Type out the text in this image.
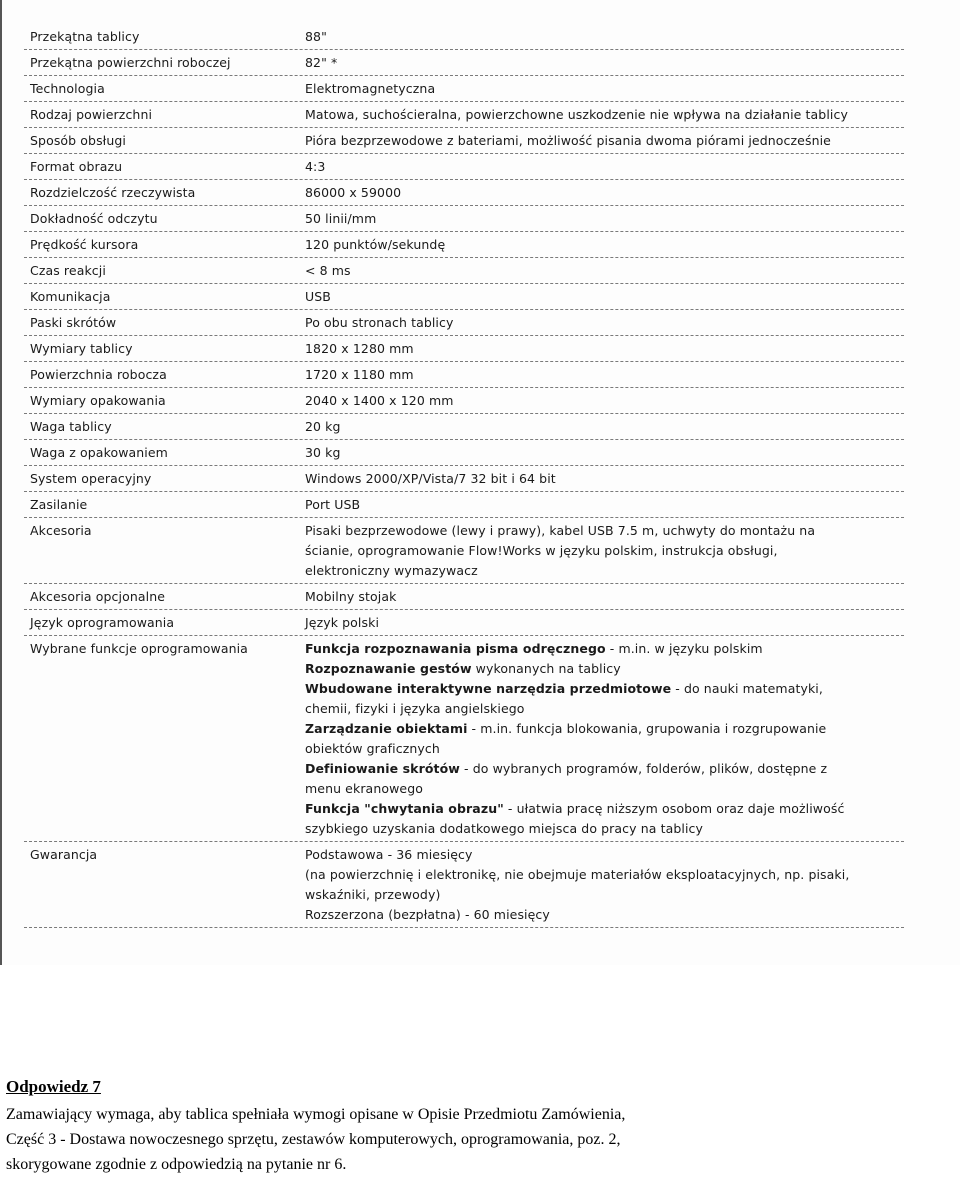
Przekątna tablicy	88"
Przekątna powierzchni roboczej	82" *
Technologia	Elektromagnetyczna
Rodzaj powierzchni	Matowa, suchościeralna, powierzchowne uszkodzenie nie wpływa na działanie tablicy
Sposób obsługi	Pióra bezprzewodowe z bateriami, możliwość pisania dwoma piórami jednocześnie
Format obrazu	4:3
Rozdzielczość rzeczywista	86000 x 59000
Dokładność odczytu	50 linii/mm
Prędkość kursora	120 punktów/sekundę
Czas reakcji	< 8 ms
Komunikacja	USB
Paski skrótów	Po obu stronach tablicy
Wymiary tablicy	1820 x 1280 mm
Powierzchnia robocza	1720 x 1180 mm
Wymiary opakowania	2040 x 1400 x 120 mm
Waga tablicy	20 kg
Waga z opakowaniem	30 kg
System operacyjny	Windows 2000/XP/Vista/7 32 bit i 64 bit
Zasilanie	Port USB
Akcesoria	Pisaki bezprzewodowe (lewy i prawy), kabel USB 7.5 m, uchwyty do montażu na
ścianie, oprogramowanie Flow!Works w języku polskim, instrukcja obsługi,
elektroniczny wymazywacz
Akcesoria opcjonalne	Mobilny stojak
Język oprogramowania	Język polski
Wybrane funkcje oprogramowania	Funkcja rozpoznawania pisma odręcznego - m.in. w języku polskim
Rozpoznawanie gestów wykonanych na tablicy
Wbudowane interaktywne narzędzia przedmiotowe - do nauki matematyki,
chemii, fizyki i języka angielskiego
Zarządzanie obiektami - m.in. funkcja blokowania, grupowania i rozgrupowanie
obiektów graficznych
Definiowanie skrótów - do wybranych programów, folderów, plików, dostępne z
menu ekranowego
Funkcja "chwytania obrazu" - ułatwia pracę niższym osobom oraz daje możliwość
szybkiego uzyskania dodatkowego miejsca do pracy na tablicy
Gwarancja	Podstawowa - 36 miesięcy
(na powierzchnię i elektronikę, nie obejmuje materiałów eksploatacyjnych, np. pisaki,
wskaźniki, przewody)
Rozszerzona (bezpłatna) - 60 miesięcy
Odpowiedz 7
Zamawiający wymaga, aby tablica spełniała wymogi opisane w Opisie Przedmiotu Zamówienia,
Część 3 - Dostawa nowoczesnego sprzętu, zestawów komputerowych, oprogramowania, poz. 2,
skorygowane zgodnie z odpowiedzią na pytanie nr 6.
